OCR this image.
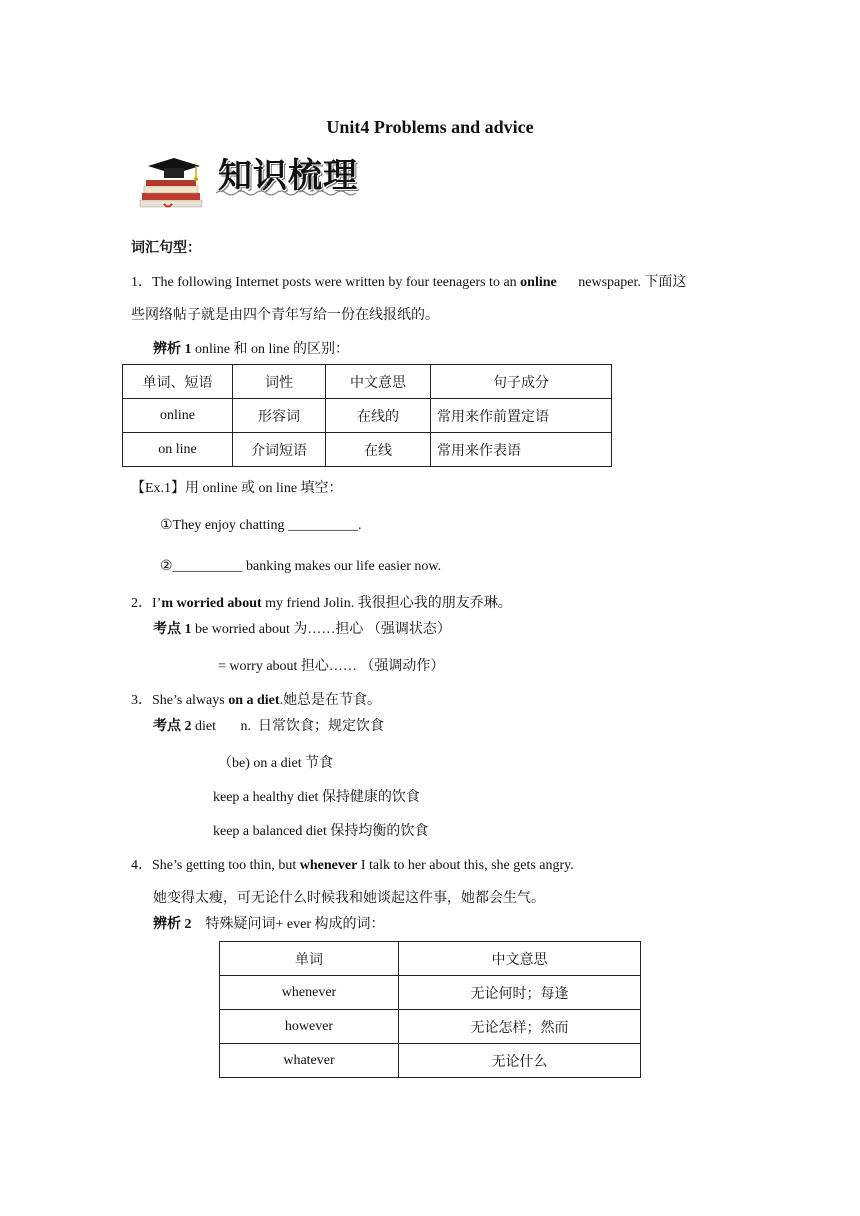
Unit4 Problems and advice
知识梳理
词汇句型：
1．The following Internet posts were written by four teenagers to an online newspaper. 下面这
些网络帖子就是由四个青年写给一份在线报纸的。
辨析 1 online 和 on line 的区别：
单词、短语	词性	中文意思	句子成分
online	形容词	在线的	常用来作前置定语
on line	介词短语	在线	常用来作表语
【Ex.1】用 online 或 on line 填空：
①They enjoy chatting __________.
②__________ banking makes our life easier now.
2．I’m worried about my friend Jolin. 我很担心我的朋友乔琳。
考点 1 be worried about 为……担心 （强调状态）
= worry about 担心…… （强调动作）
3．She’s always on a diet.她总是在节食。
考点 2 diet       n.  日常饮食；规定饮食
（be) on a diet 节食
keep a healthy diet 保持健康的饮食
keep a balanced diet 保持均衡的饮食
4．She’s getting too thin, but whenever I talk to her about this, she gets angry.
她变得太瘦，可无论什么时候我和她谈起这件事，她都会生气。
辨析 2    特殊疑问词+ ever 构成的词：
单词	中文意思
whenever	无论何时；每逢
however	无论怎样；然而
whatever	无论什么
